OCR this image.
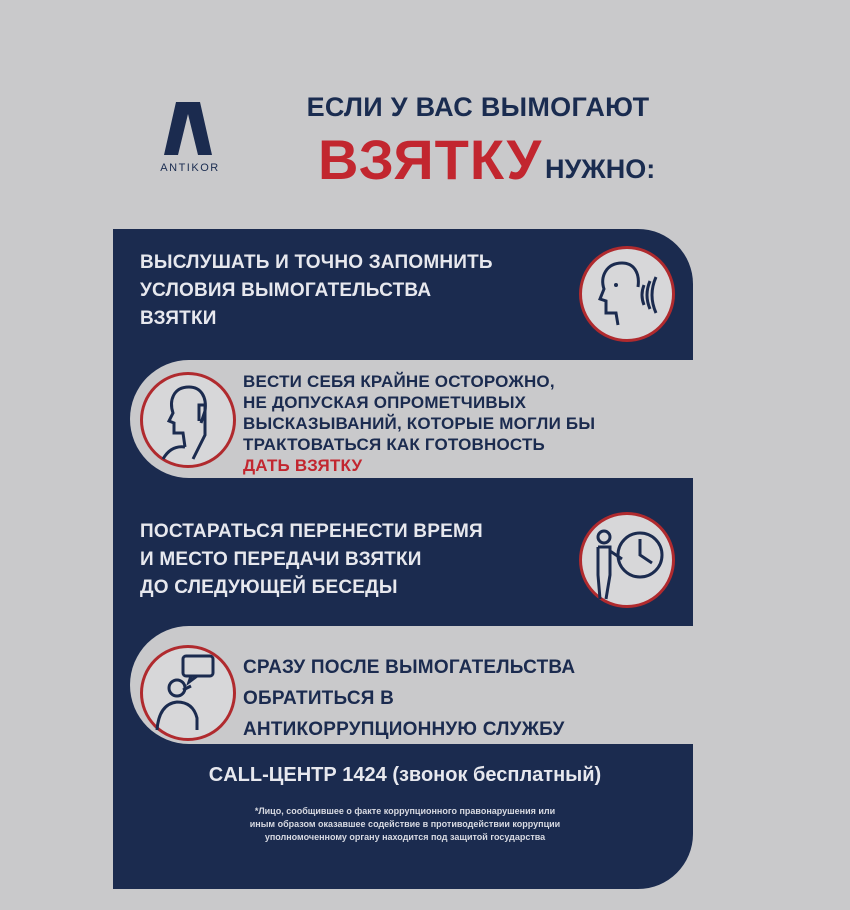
ANTIKOR
ЕСЛИ У ВАС ВЫМОГАЮТ
ВЗЯТКУ НУЖНО:
ВЫСЛУШАТЬ И ТОЧНО ЗАПОМНИТЬ
УСЛОВИЯ ВЫМОГАТЕЛЬСТВА
ВЗЯТКИ
ВЕСТИ СЕБЯ КРАЙНЕ ОСТОРОЖНО,
НЕ ДОПУСКАЯ ОПРОМЕТЧИВЫХ
ВЫСКАЗЫВАНИЙ, КОТОРЫЕ МОГЛИ БЫ
ТРАКТОВАТЬСЯ КАК ГОТОВНОСТЬ
ДАТЬ ВЗЯТКУ
ПОСТАРАТЬСЯ ПЕРЕНЕСТИ ВРЕМЯ
И МЕСТО ПЕРЕДАЧИ ВЗЯТКИ
ДО СЛЕДУЮЩЕЙ БЕСЕДЫ
СРАЗУ ПОСЛЕ ВЫМОГАТЕЛЬСТВА
ОБРАТИТЬСЯ В
АНТИКОРРУПЦИОННУЮ СЛУЖБУ
CALL-ЦЕНТР 1424 (звонок бесплатный)
*Лицо, сообщившее о факте коррупционного правонарушения или
иным образом оказавшее содействие в противодействии коррупции
уполномоченному органу находится под защитой государства
